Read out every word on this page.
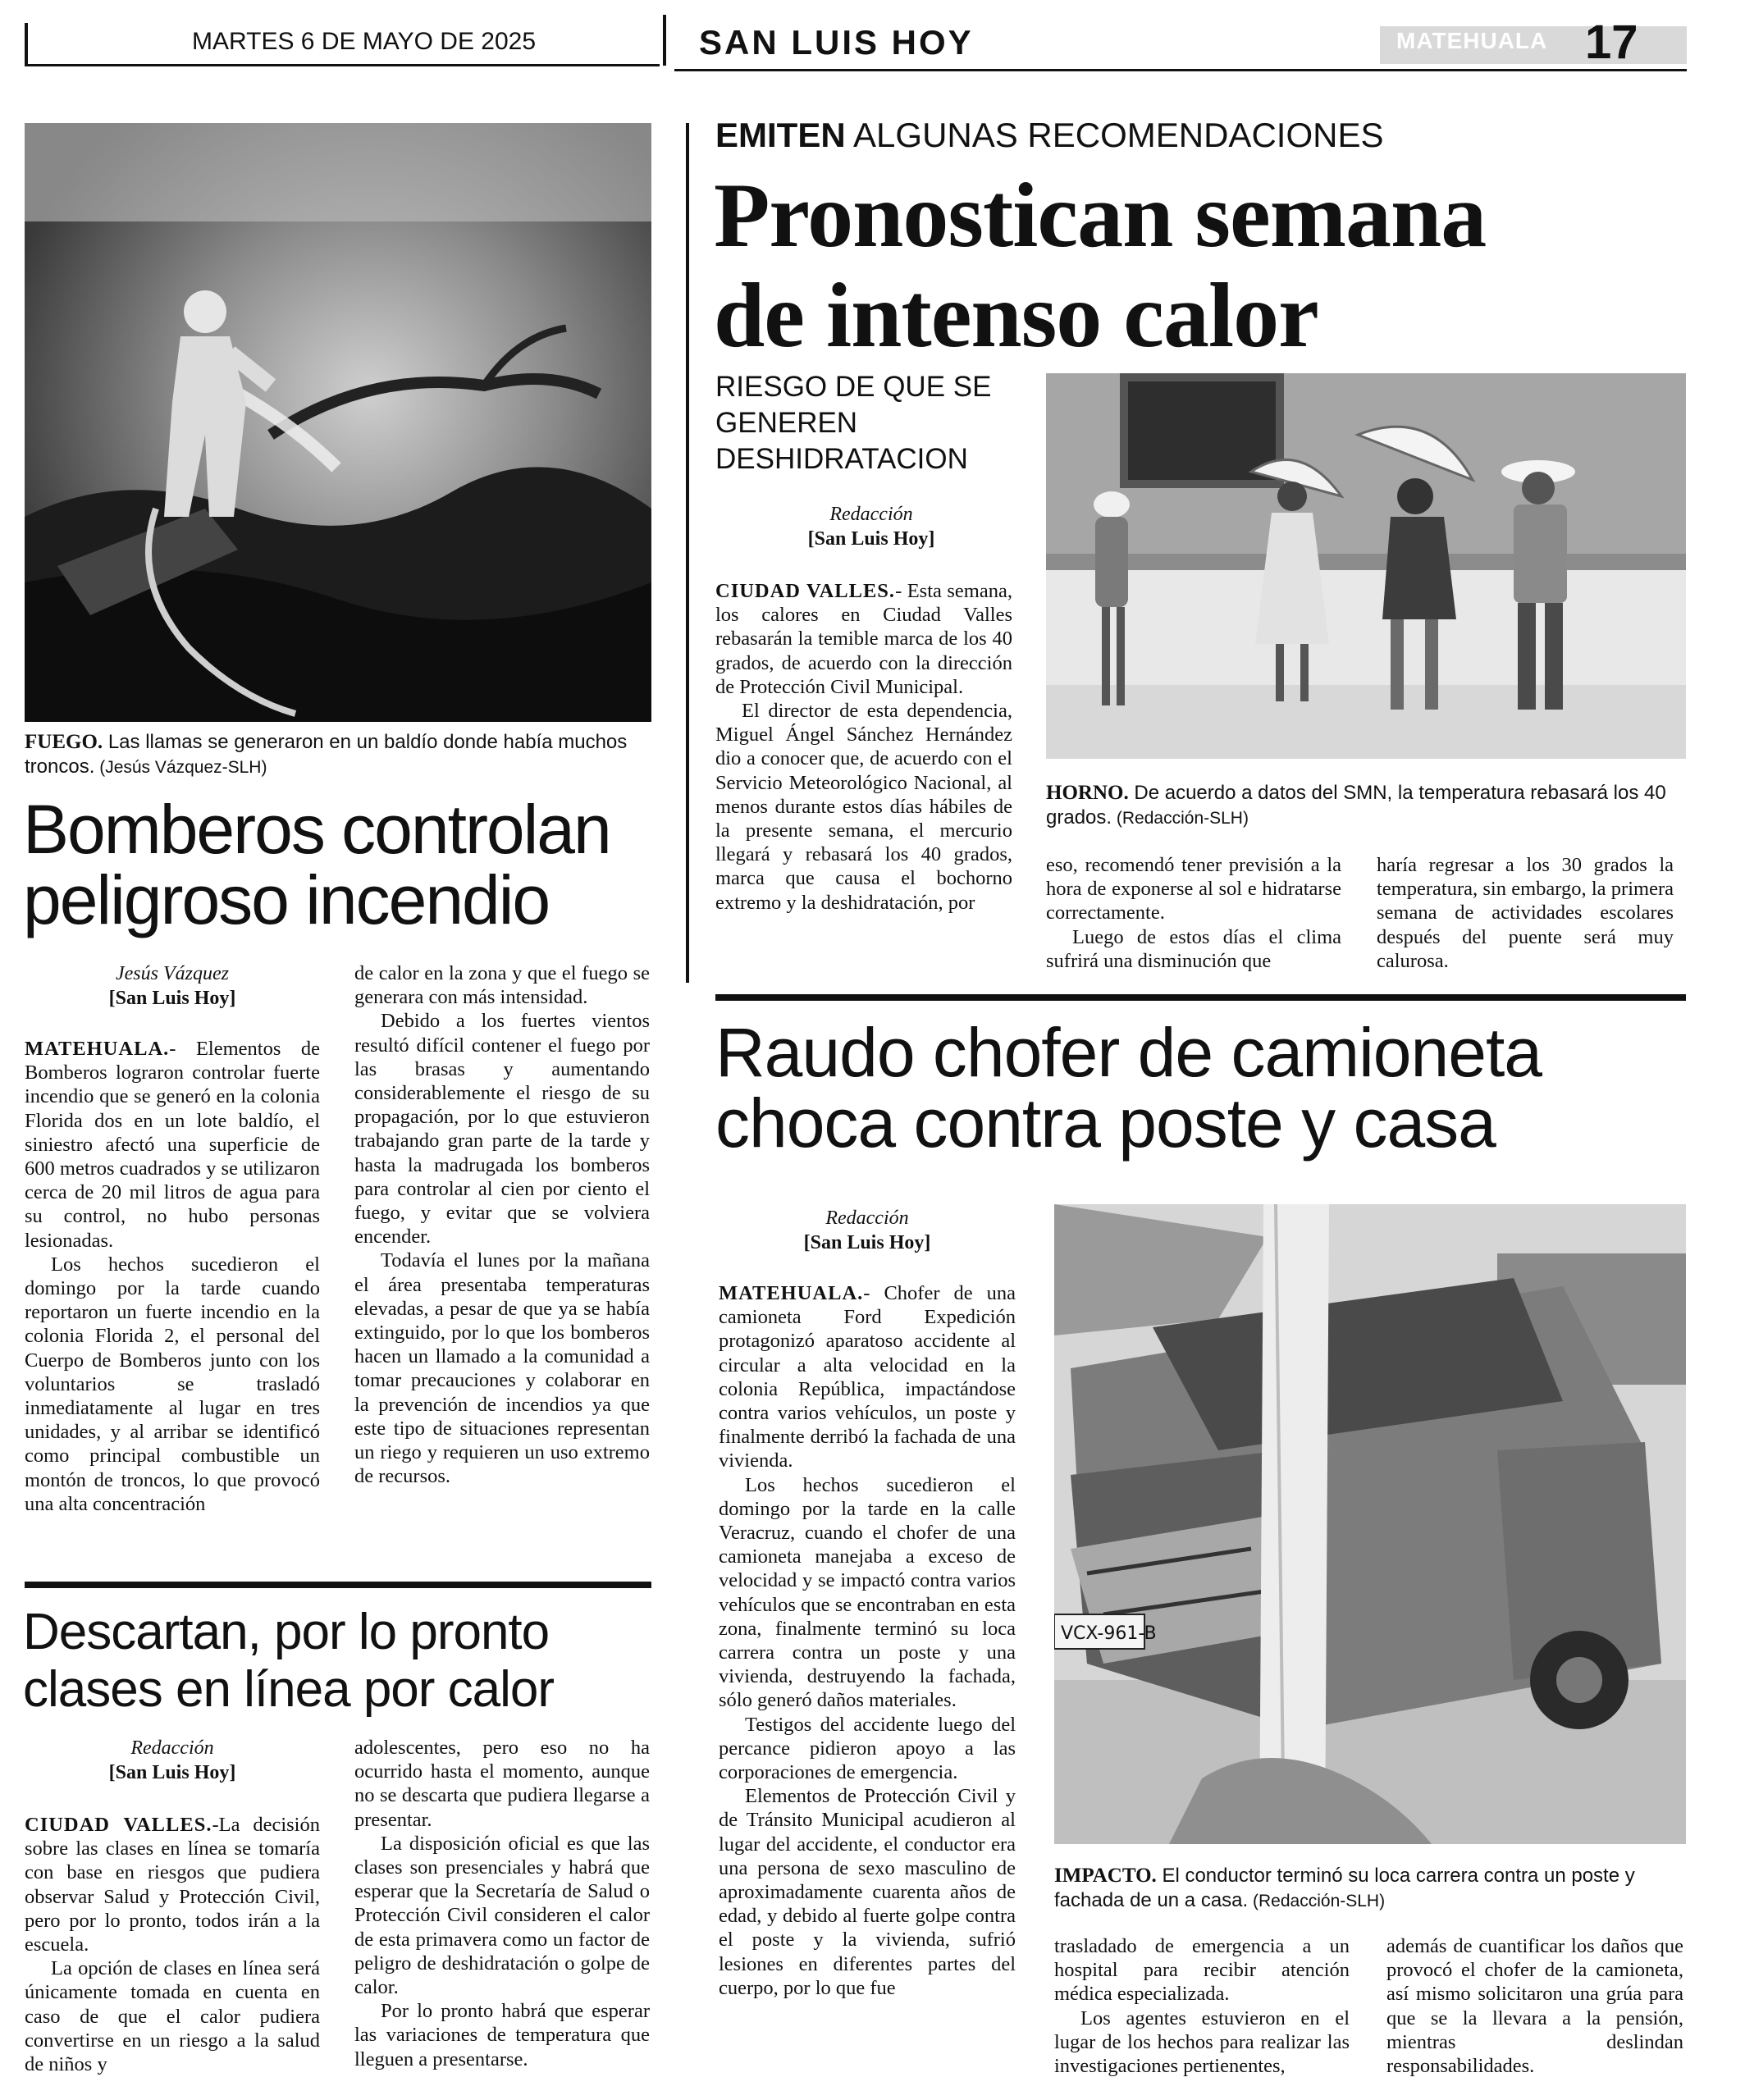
MARTES 6 DE MAYO DE 2025	SAN LUIS HOY	MATEHUALA 17
FUEGO. Las llamas se generaron en un baldío donde había muchos troncos. (Jesús Vázquez-SLH)
Bomberos controlan peligroso incendio
Jesús Vázquez
[San Luis Hoy]

MATEHUALA.- Elementos de Bomberos lograron controlar fuerte incendio que se generó en la colonia Florida dos en un lote baldío, el siniestro afectó una superficie de 600 metros cuadrados y se utilizaron cerca de 20 mil litros de agua para su control, no hubo personas lesionadas.

Los hechos sucedieron el domingo por la tarde cuando reportaron un fuerte incendio en la colonia Florida 2, el personal del Cuerpo de Bomberos junto con los voluntarios se trasladó inmediatamente al lugar en tres unidades, y al arribar se identificó como principal combustible un montón de troncos, lo que provocó una alta concentración

de calor en la zona y que el fuego se generara con más intensidad.

Debido a los fuertes vientos resultó difícil contener el fuego por las brasas y aumentando considerablemente el riesgo de su propagación, por lo que estuvieron trabajando gran parte de la tarde y hasta la madrugada los bomberos para controlar al cien por ciento el fuego, y evitar que se volviera encender.

Todavía el lunes por la mañana el área presentaba temperaturas elevadas, a pesar de que ya se había extinguido, por lo que los bomberos hacen un llamado a la comunidad a tomar precauciones y colaborar en la prevención de incendios ya que este tipo de situaciones representan un riego y requieren un uso extremo de recursos.

Descartan, por lo pronto clases en línea por calor
Redacción
[San Luis Hoy]

CIUDAD VALLES.-La decisión sobre las clases en línea se tomaría con base en riesgos que pudiera observar Salud y Protección Civil, pero por lo pronto, todos irán a la escuela.

La opción de clases en línea será únicamente tomada en cuenta en caso de que el calor pudiera convertirse en un riesgo a la salud de niños y

adolescentes, pero eso no ha ocurrido hasta el momento, aunque no se descarta que pudiera llegarse a presentar.

La disposición oficial es que las clases son presenciales y habrá que esperar que la Secretaría de Salud o Protección Civil consideren el calor de esta primavera como un factor de peligro de deshidratación o golpe de calor.

Por lo pronto habrá que esperar las variaciones de temperatura que lleguen a presentarse.

EMITEN ALGUNAS RECOMENDACIONES
Pronostican semana
de intenso calor
RIESGO DE QUE SE GENEREN DESHIDRATACION
Redacción
[San Luis Hoy]

CIUDAD VALLES.- Esta semana, los calores en Ciudad Valles rebasarán la temible marca de los 40 grados, de acuerdo con la dirección de Protección Civil Municipal.

El director de esta dependencia, Miguel Ángel Sánchez Hernández dio a conocer que, de acuerdo con el Servicio Meteorológico Nacional, al menos durante estos días hábiles de la presente semana, el mercurio llegará y rebasará los 40 grados, marca que causa el bochorno extremo y la deshidratación, por

HORNO. De acuerdo a datos del SMN, la temperatura rebasará los 40 grados. (Redacción-SLH)

eso, recomendó tener previsión a la hora de exponerse al sol e hidratarse correctamente.

Luego de estos días el clima sufrirá una disminución que

haría regresar a los 30 grados la temperatura, sin embargo, la primera semana de actividades escolares después del puente será muy calurosa.

Raudo chofer de camioneta choca contra poste y casa
Redacción
[San Luis Hoy]

MATEHUALA.- Chofer de una camioneta Ford Expedición protagonizó aparatoso accidente al circular a alta velocidad en la colonia República, impactándose contra varios vehículos, un poste y finalmente derribó la fachada de una vivienda.

Los hechos sucedieron el domingo por la tarde en la calle Veracruz, cuando el chofer de una camioneta manejaba a exceso de velocidad y se impactó contra varios vehículos que se encontraban en esta zona, finalmente terminó su loca carrera contra un poste y una vivienda, destruyendo la fachada, sólo generó daños materiales.

Testigos del accidente luego del percance pidieron apoyo a las corporaciones de emergencia.

Elementos de Protección Civil y de Tránsito Municipal acudieron al lugar del accidente, el conductor era una persona de sexo masculino de aproximadamente cuarenta años de edad, y debido al fuerte golpe contra el poste y la vivienda, sufrió lesiones en diferentes partes del cuerpo, por lo que fue

VCX-961-B
IMPACTO. El conductor terminó su loca carrera contra un poste y fachada de un a casa. (Redacción-SLH)

trasladado de emergencia a un hospital para recibir atención médica especializada.

Los agentes estuvieron en el lugar de los hechos para realizar las investigaciones pertienentes,

además de cuantificar los daños que provocó el chofer de la camioneta, así mismo solicitaron una grúa para que se la llevara a la pensión, mientras deslindan responsabilidades.
